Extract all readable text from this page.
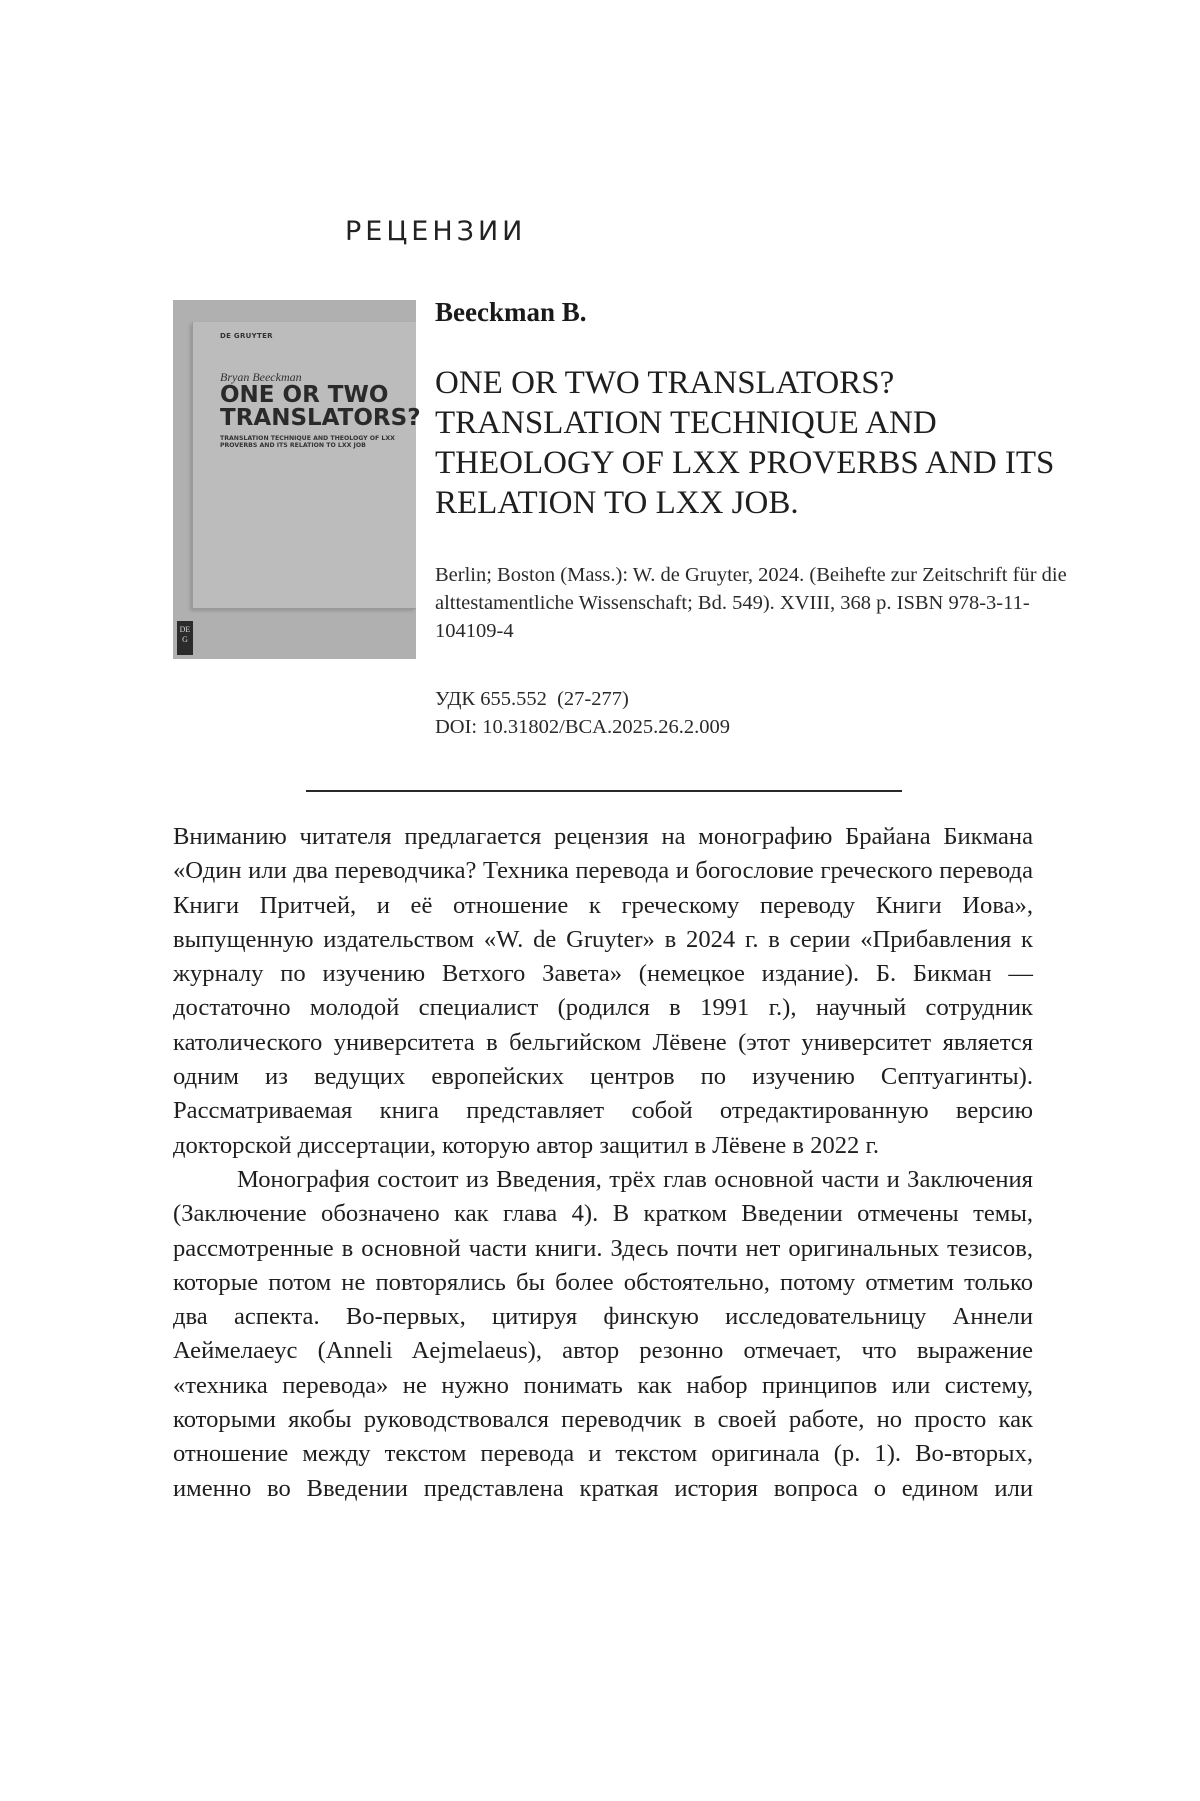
РЕЦЕНЗИИ
DE GRUYTER
Bryan Beeckman
ONE OR TWO TRANSLATORS?
TRANSLATION TECHNIQUE AND THEOLOGY OF LXX PROVERBS AND ITS RELATION TO LXX JOB
DE G
Beeckman B.
ONE OR TWO TRANSLATORS? TRANSLATION TECHNIQUE AND THEOLOGY OF LXX PROVERBS AND ITS RELATION TO LXX JOB.
Berlin; Boston (Mass.): W. de Gruyter, 2024. (Beihefte zur Zeitschrift für die alttestamentliche Wissenschaft; Bd. 549). XVIII, 368 p. ISBN 978-3-11-104109-4
УДК 655.552  (27-277)
DOI: 10.31802/BCA.2025.26.2.009

Вниманию читателя предлагается рецензия на монографию Брайана Бикмана «Один или два переводчика? Техника перевода и богословие греческого перевода Книги Притчей, и её отношение к греческому переводу Книги Иова», выпущенную издательством «W. de Gruyter» в 2024 г. в серии «Прибавления к журналу по изучению Ветхого Завета» (немецкое издание). Б. Бикман — достаточно молодой специалист (родился в 1991 г.), научный сотрудник католического университета в бельгийском Лёвене (этот университет является одним из ведущих европейских центров по изучению Септуагинты). Рассматриваемая книга представляет собой отредактированную версию докторской диссертации, которую автор защитил в Лёвене в 2022 г.

Монография состоит из Введения, трёх глав основной части и Заключения (Заключение обозначено как глава 4). В кратком Введении отмечены темы, рассмотренные в основной части книги. Здесь почти нет оригинальных тезисов, которые потом не повторялись бы более обстоятельно, потому отметим только два аспекта. Во-первых, цитируя финскую исследовательницу Аннели Аеймелаеус (Anneli Aejmelaeus), автор резонно отмечает, что выражение «техника перевода» не нужно понимать как набор принципов или систему, которыми якобы руководствовался переводчик в своей работе, но просто как отношение между текстом перевода и текстом оригинала (p. 1). Во-вторых, именно во Введении представлена краткая история вопроса о едином или
